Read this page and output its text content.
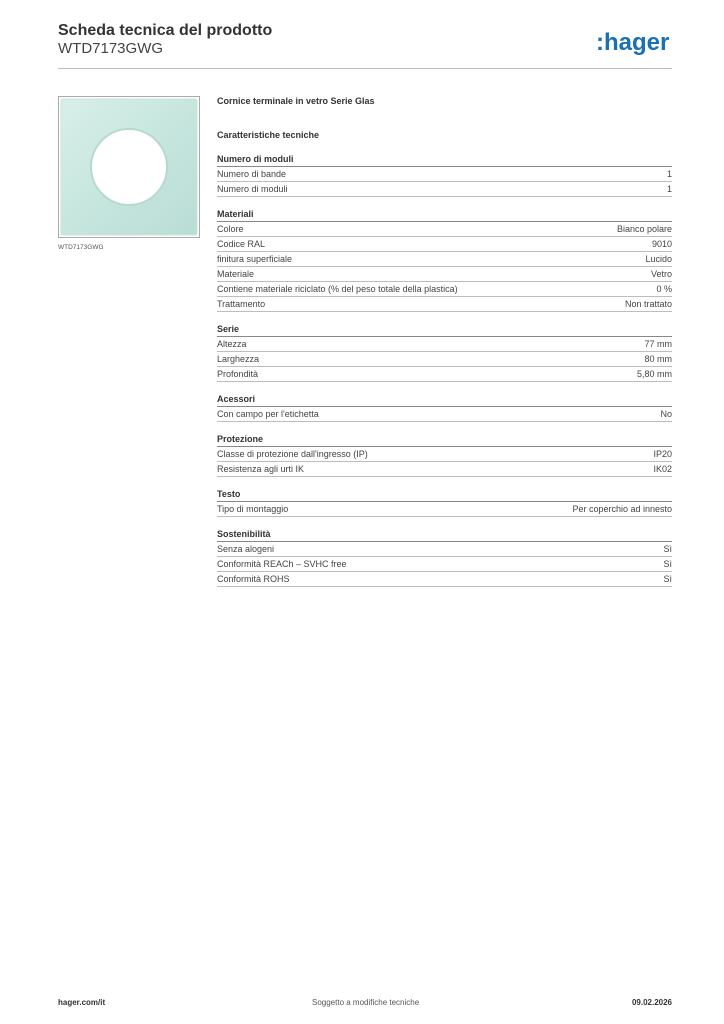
Scheda tecnica del prodotto
WTD7173GWG	:hager
WTD7173GWG
Cornice terminale in vetro Serie Glas
Caratteristiche tecniche
Numero di moduli
Numero di bande	1
Numero di moduli	1
Materiali
Colore	Bianco polare
Codice RAL	9010
finitura superficiale	Lucido
Materiale	Vetro
Contiene materiale riciclato (% del peso totale della plastica)	0 %
Trattamento	Non trattato
Serie
Altezza	77 mm
Larghezza	80 mm
Profondità	5,80 mm
Acessori
Con campo per l'etichetta	No
Protezione
Classe di protezione dall'ingresso (IP)	IP20
Resistenza agli urti IK	IK02
Testo
Tipo di montaggio	Per coperchio ad innesto
Sostenibilità
Senza alogeni	Sì
Conformità REACh – SVHC free	Sì
Conformità ROHS	Sì
hager.com/it	Soggetto a modifiche tecniche	09.02.2026
